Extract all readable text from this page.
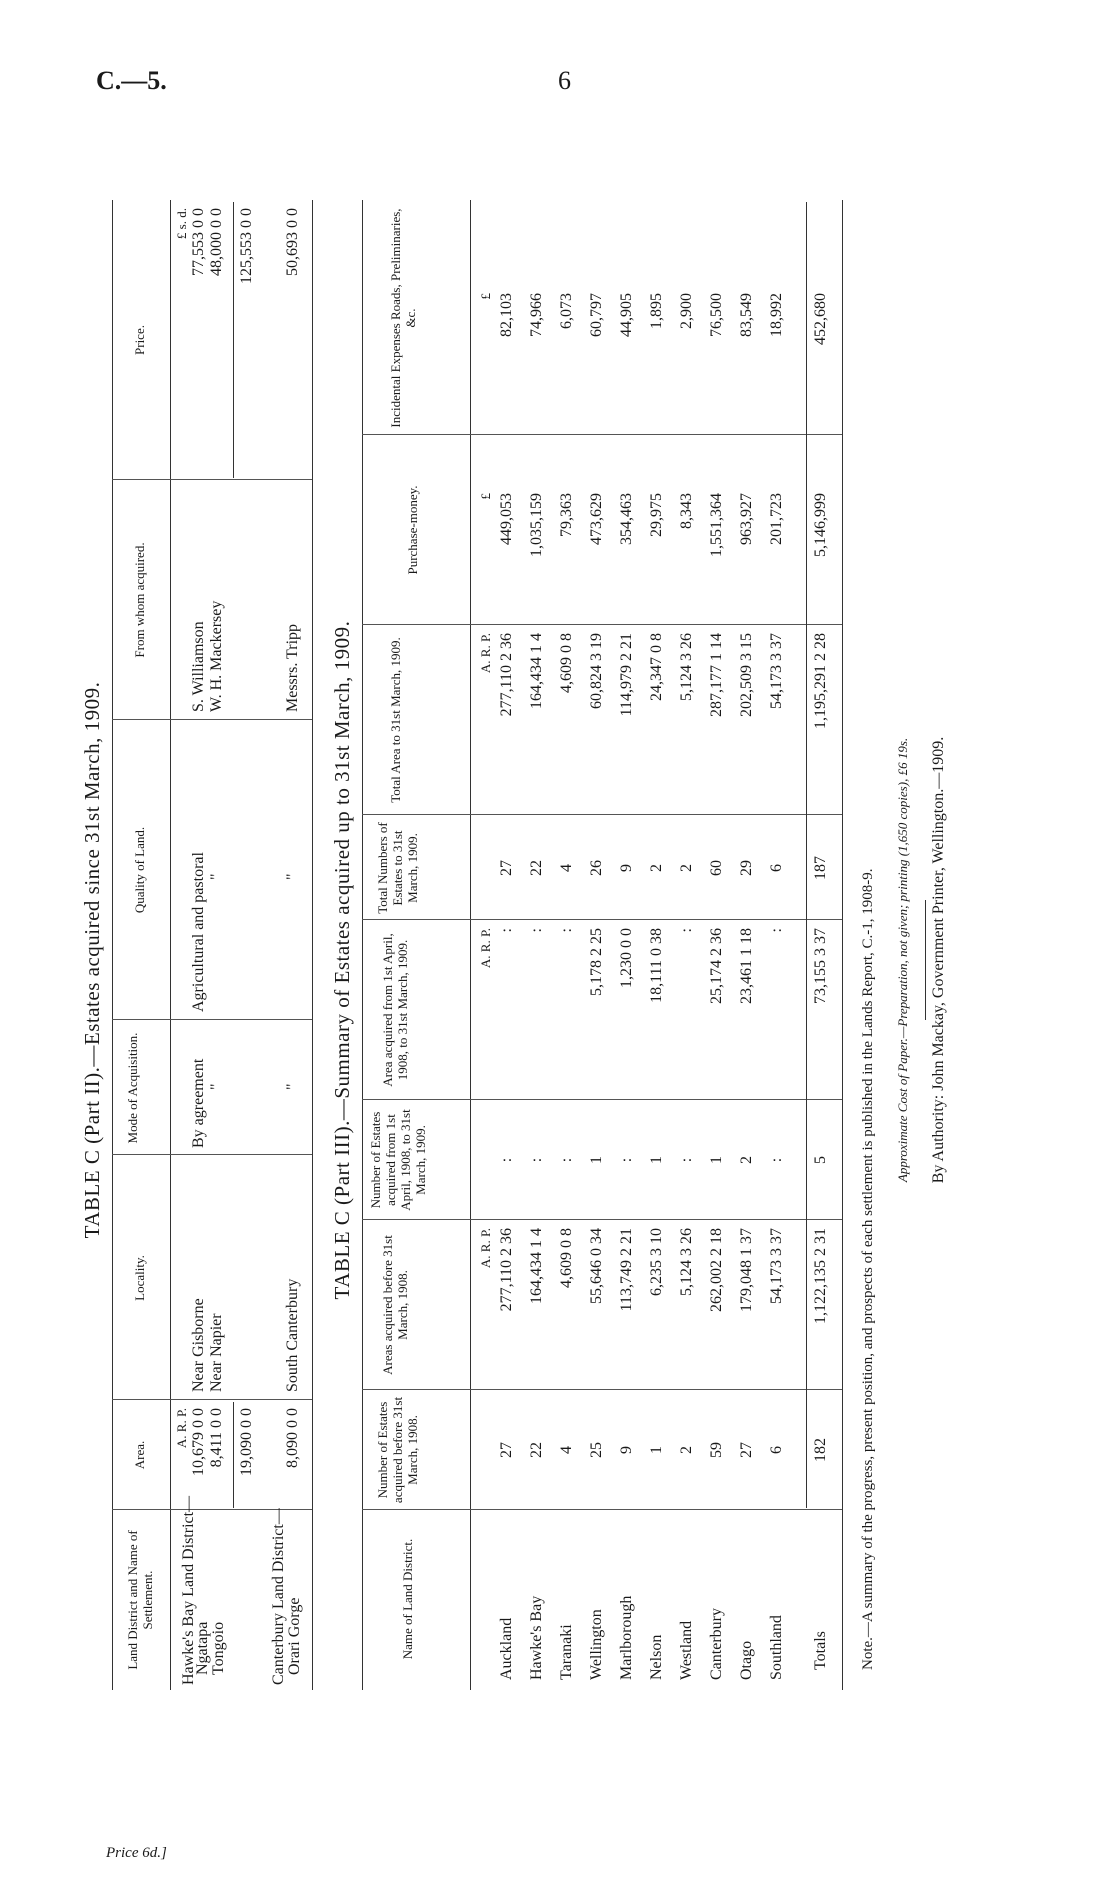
C.—5.	6
TABLE C (Part II).—Estates acquired since 31st March, 1909.
Land District and Name of Settlement.
Area.
Locality.
Mode of Acquisition.
Quality of Land.
From whom acquired.
Price.
A. R. P.
£ s. d.
Hawke's Bay Land District—
Ngatapa
10,679 0 0
Near Gisborne
By agreement
Agricultural and pastoral
S. Williamson
77,553 0 0
Tongoio
8,411 0 0
Near Napier
"
"
W. H. Mackersey
48,000 0 0
19,090 0 0
125,553 0 0
Canterbury Land District— Orari Gorge
8,090 0 0
South Canterbury
"
"
Messrs. Tripp
50,693 0 0
TABLE C (Part III).—Summary of Estates acquired up to 31st March, 1909.
Name of Land District.
Number of Estates acquired before 31st March, 1908.
Areas acquired before 31st March, 1908.
Number of Estates acquired from 1st April, 1908, to 31st March, 1909.
Area acquired from 1st April, 1908, to 31st March, 1909.
Total Numbers of Estates to 31st March, 1909.
Total Area to 31st March, 1909.
Purchase-money.
Incidental Expenses Roads, Preliminaries, &c.
A. R. P.
A. R. P.
A. R. P.
£
£
Auckland
27
277,110 2 36
:
:
27
277,110 2 36
449,053
82,103
Hawke's Bay
22
164,434 1 4
:
:
22
164,434 1 4
1,035,159
74,966
Taranaki
4
4,609 0 8
:
:
4
4,609 0 8
79,363
6,073
Wellington
25
55,646 0 34
1
5,178 2 25
26
60,824 3 19
473,629
60,797
Marlborough
9
113,749 2 21
:
1,230 0 0
9
114,979 2 21
354,463
44,905
Nelson
1
6,235 3 10
1
18,111 0 38
2
24,347 0 8
29,975
1,895
Westland
2
5,124 3 26
:
:
2
5,124 3 26
8,343
2,900
Canterbury
59
262,002 2 18
1
25,174 2 36
60
287,177 1 14
1,551,364
76,500
Otago
27
179,048 1 37
2
23,461 1 18
29
202,509 3 15
963,927
83,549
Southland
6
54,173 3 37
:
:
6
54,173 3 37
201,723
18,992
Totals
182
1,122,135 2 31
5
73,155 3 37
187
1,195,291 2 28
5,146,999
452,680
Note.—A summary of the progress, present position, and prospects of each settlement is published in the Lands Report, C.-1, 1908-9. Approximate Cost of Paper.—Preparation, not given; printing (1,650 copies), £6 19s. By Authority: John Mackay, Government Printer, Wellington.—1909.
Price 6d.]
